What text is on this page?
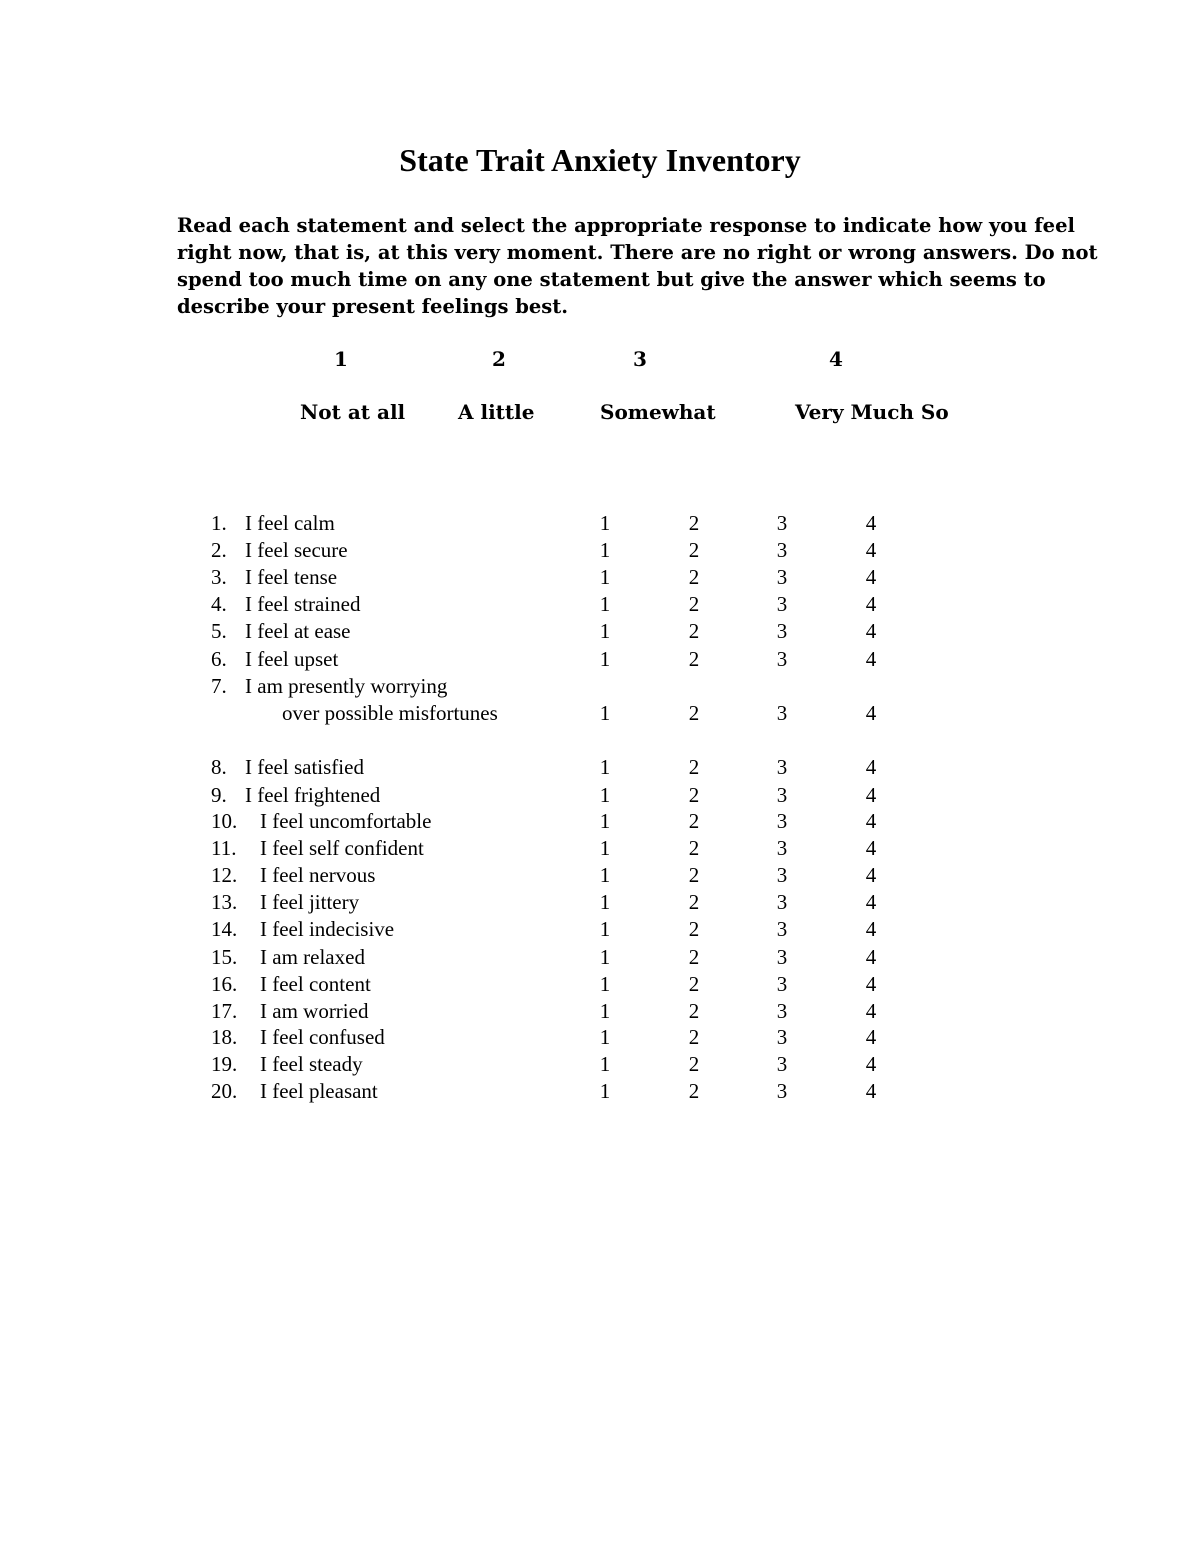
State Trait Anxiety Inventory

Read each statement and select the appropriate response to indicate how you feel
right now, that is, at this very moment. There are no right or wrong answers. Do not
spend too much time on any one statement but give the answer which seems to
describe your present feelings best.

1	2	3	4
Not at all	A little	Somewhat	Very Much So
1. I feel calm	1	2	3	4
2. I feel secure	1	2	3	4
3. I feel tense	1	2	3	4
4. I feel strained	1	2	3	4
5. I feel at ease	1	2	3	4
6. I feel upset	1	2	3	4
7. I am presently worrying
over possible misfortunes	1	2	3	4
8. I feel satisfied	1	2	3	4
9. I feel frightened	1	2	3	4
10. I feel uncomfortable	1	2	3	4
11. I feel self confident	1	2	3	4
12. I feel nervous	1	2	3	4
13. I feel jittery	1	2	3	4
14. I feel indecisive	1	2	3	4
15. I am relaxed	1	2	3	4
16. I feel content	1	2	3	4
17. I am worried	1	2	3	4
18. I feel confused	1	2	3	4
19. I feel steady	1	2	3	4
20. I feel pleasant	1	2	3	4
